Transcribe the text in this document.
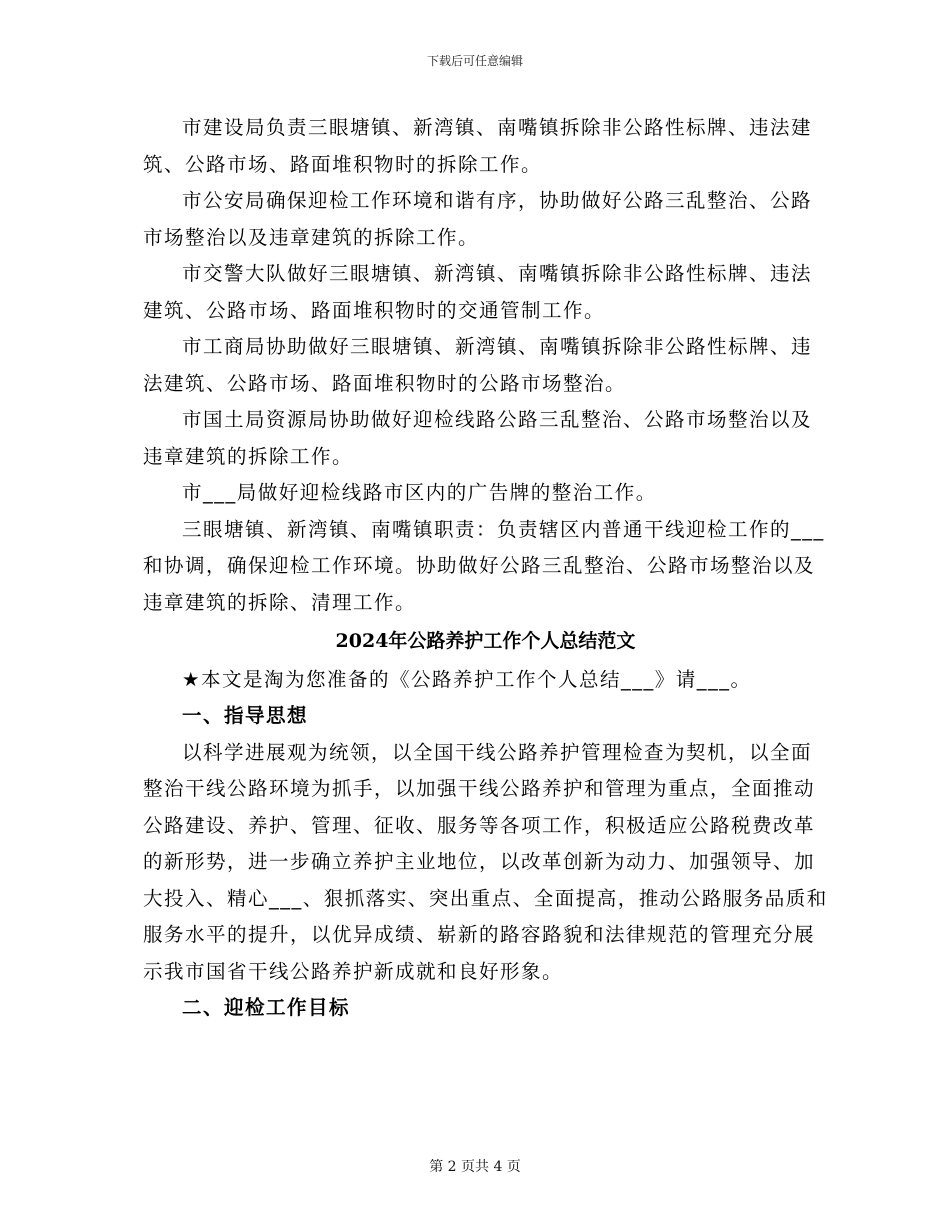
下载后可任意编辑

市建设局负责三眼塘镇、新湾镇、南嘴镇拆除非公路性标牌、违法建筑、公路市场、路面堆积物时的拆除工作。

市公安局确保迎检工作环境和谐有序，协助做好公路三乱整治、公路市场整治以及违章建筑的拆除工作。

市交警大队做好三眼塘镇、新湾镇、南嘴镇拆除非公路性标牌、违法建筑、公路市场、路面堆积物时的交通管制工作。

市工商局协助做好三眼塘镇、新湾镇、南嘴镇拆除非公路性标牌、违法建筑、公路市场、路面堆积物时的公路市场整治。

市国土局资源局协助做好迎检线路公路三乱整治、公路市场整治以及违章建筑的拆除工作。

市___局做好迎检线路市区内的广告牌的整治工作。

三眼塘镇、新湾镇、南嘴镇职责：负责辖区内普通干线迎检工作的___和协调，确保迎检工作环境。协助做好公路三乱整治、公路市场整治以及违章建筑的拆除、清理工作。

2024年公路养护工作个人总结范文

★本文是淘为您准备的《公路养护工作个人总结___》请___。

一、指导思想

以科学进展观为统领，以全国干线公路养护管理检查为契机，以全面整治干线公路环境为抓手，以加强干线公路养护和管理为重点，全面推动公路建设、养护、管理、征收、服务等各项工作，积极适应公路税费改革的新形势，进一步确立养护主业地位，以改革创新为动力、加强领导、加大投入、精心___、狠抓落实、突出重点、全面提高，推动公路服务品质和服务水平的提升，以优异成绩、崭新的路容路貌和法律规范的管理充分展示我市国省干线公路养护新成就和良好形象。

二、迎检工作目标

第 2 页共 4 页
